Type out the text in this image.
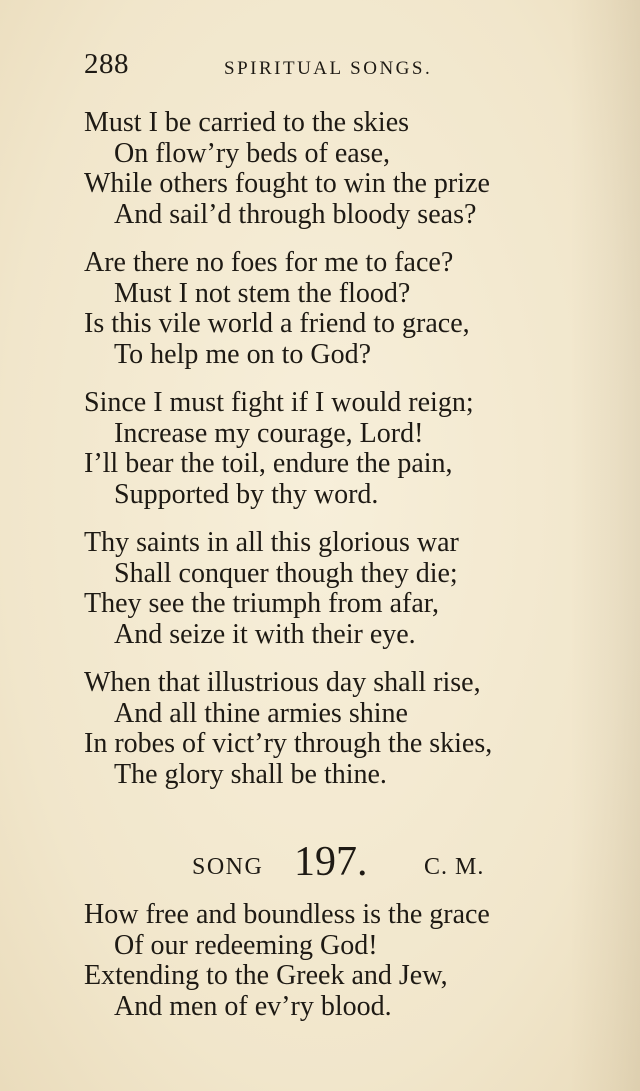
288	SPIRITUAL SONGS.
Must I be carried to the skies
On flow’ry beds of ease,
While others fought to win the prize
And sail’d through bloody seas?
Are there no foes for me to face?
Must I not stem the flood?
Is this vile world a friend to grace,
To help me on to God?
Since I must fight if I would reign;
Increase my courage, Lord!
I’ll bear the toil, endure the pain,
Supported by thy word.
Thy saints in all this glorious war
Shall conquer though they die;
They see the triumph from afar,
And seize it with their eye.
When that illustrious day shall rise,
And all thine armies shine
In robes of vict’ry through the skies,
The glory shall be thine.
SONG 197. C. M.
How free and boundless is the grace
Of our redeeming God!
Extending to the Greek and Jew,
And men of ev’ry blood.
